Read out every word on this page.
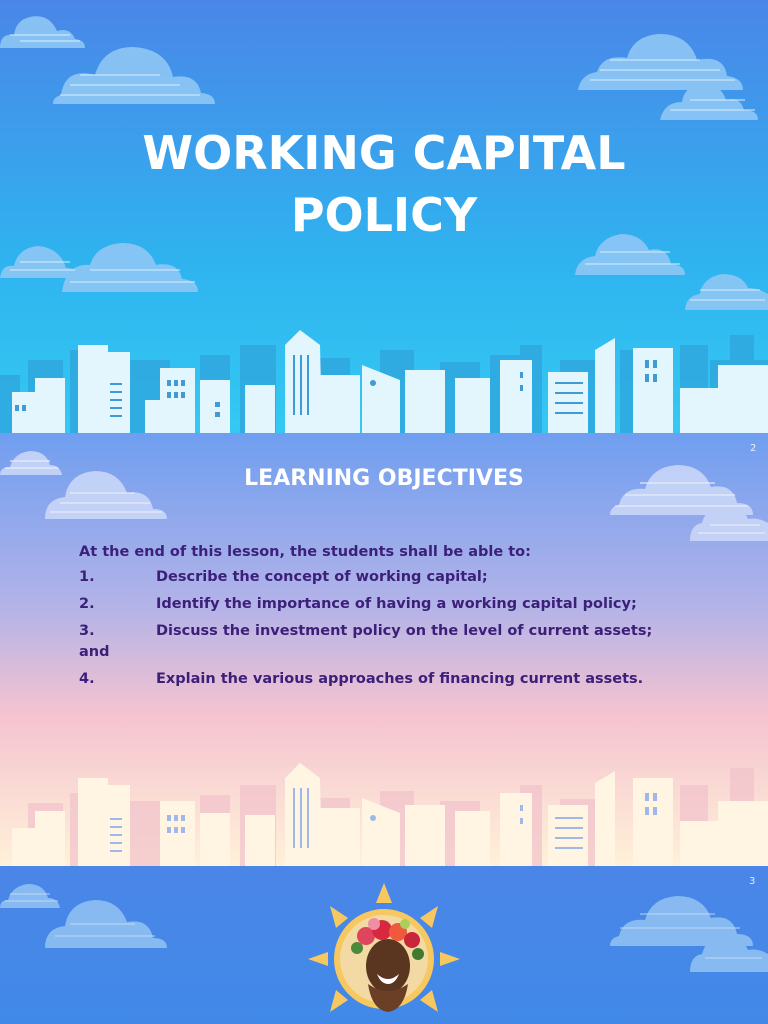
WORKING CAPITAL
POLICY
2
LEARNING OBJECTIVES
At the end of this lesson, the students shall be able to:
1.	Describe the concept of working capital;
2.	Identify the importance of having a working capital policy;
3.	Discuss the investment policy on the level of current assets; and
4.	Explain the various approaches of financing current assets.
3
